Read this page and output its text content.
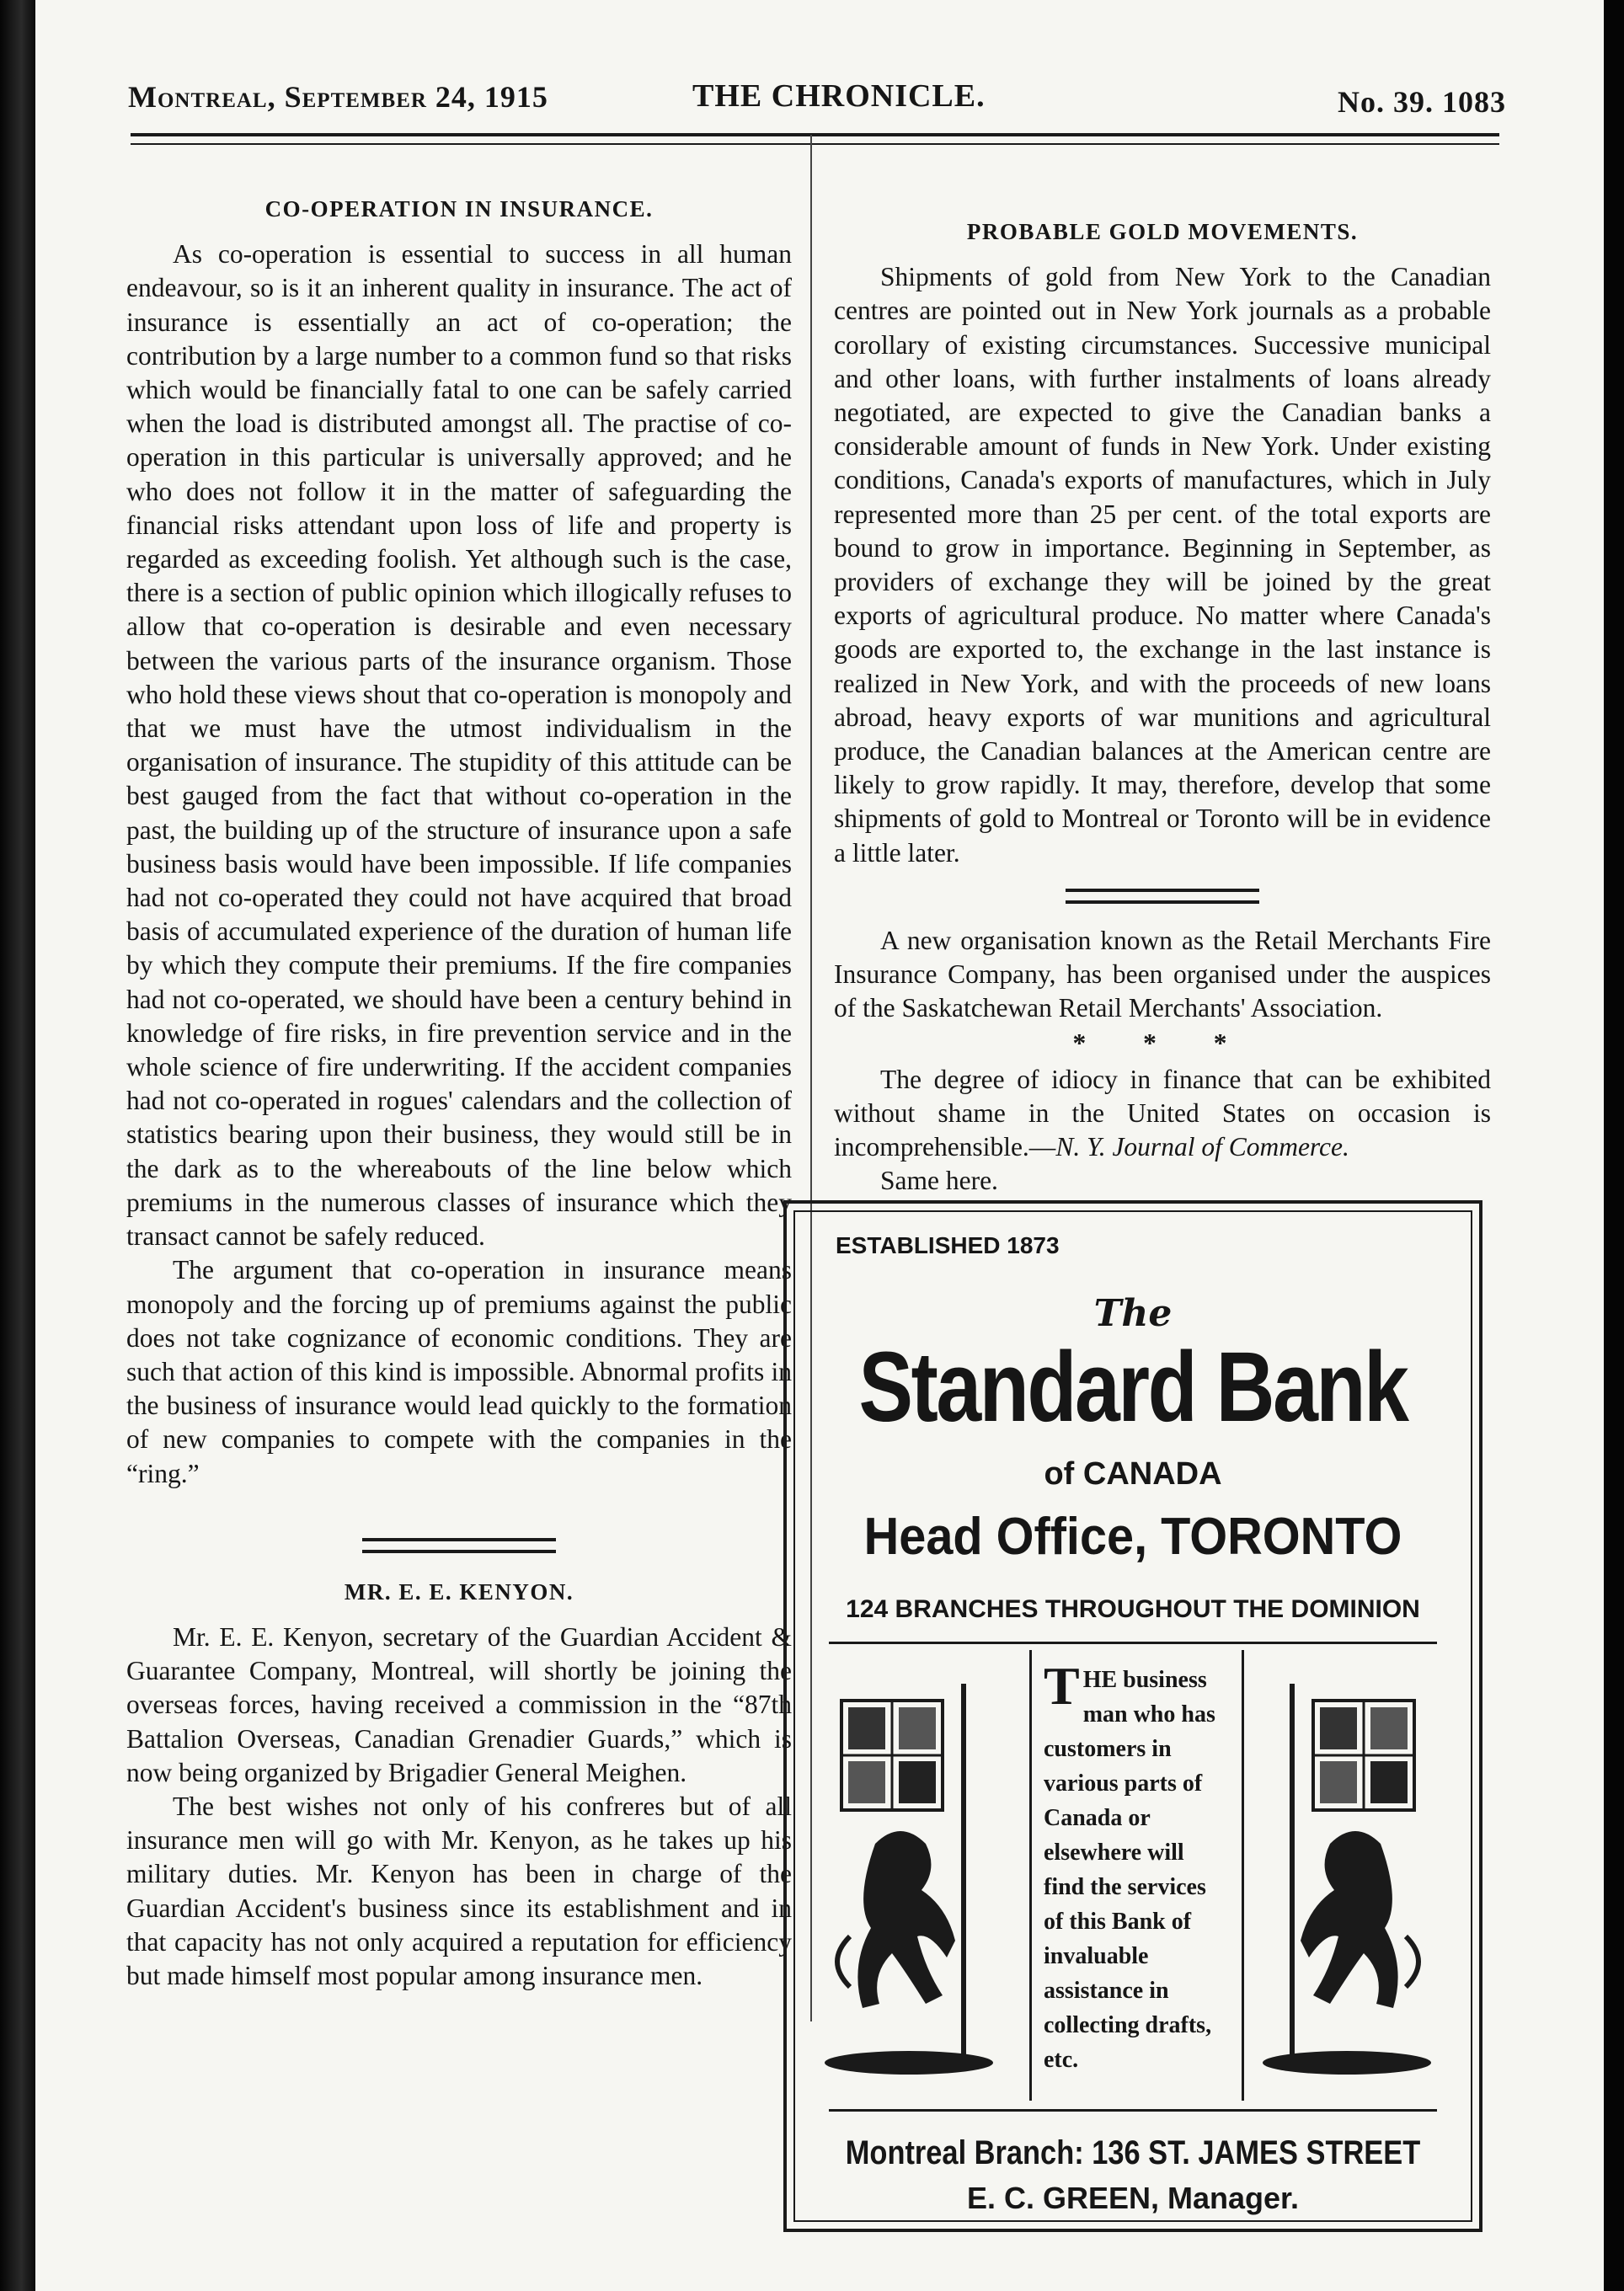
Montreal, September 24, 1915	THE CHRONICLE.	No. 39. 1083
CO-OPERATION IN INSURANCE.

As co-operation is essential to success in all human endeavour, so is it an inherent quality in insurance. The act of insurance is essentially an act of co-operation; the contribution by a large number to a common fund so that risks which would be financially fatal to one can be safely carried when the load is distributed amongst all. The practise of co-operation in this particular is universally approved; and he who does not follow it in the matter of safeguarding the financial risks attendant upon loss of life and property is regarded as exceeding foolish. Yet although such is the case, there is a section of public opinion which illogically refuses to allow that co-operation is desirable and even necessary between the various parts of the insurance organism. Those who hold these views shout that co-operation is monopoly and that we must have the utmost individualism in the organisation of insurance. The stupidity of this attitude can be best gauged from the fact that without co-operation in the past, the building up of the structure of insurance upon a safe business basis would have been impossible. If life companies had not co-operated they could not have acquired that broad basis of accumulated experience of the duration of human life by which they compute their premiums. If the fire companies had not co-operated, we should have been a century behind in knowledge of fire risks, in fire prevention service and in the whole science of fire underwriting. If the accident companies had not co-operated in rogues' calendars and the collection of statistics bearing upon their business, they would still be in the dark as to the whereabouts of the line below which premiums in the numerous classes of insurance which they transact cannot be safely reduced.

The argument that co-operation in insurance means monopoly and the forcing up of premiums against the public does not take cognizance of economic conditions. They are such that action of this kind is impossible. Abnormal profits in the business of insurance would lead quickly to the formation of new companies to compete with the companies in the “ring.”

MR. E. E. KENYON.

Mr. E. E. Kenyon, secretary of the Guardian Accident & Guarantee Company, Montreal, will shortly be joining the overseas forces, having received a commission in the “87th Battalion Overseas, Canadian Grenadier Guards,” which is now being organized by Brigadier General Meighen.

The best wishes not only of his confreres but of all insurance men will go with Mr. Kenyon, as he takes up his military duties. Mr. Kenyon has been in charge of the Guardian Accident's business since its establishment and in that capacity has not only acquired a reputation for efficiency but made himself most popular among insurance men.

PROBABLE GOLD MOVEMENTS.

Shipments of gold from New York to the Canadian centres are pointed out in New York journals as a probable corollary of existing circumstances. Successive municipal and other loans, with further instalments of loans already negotiated, are expected to give the Canadian banks a considerable amount of funds in New York. Under existing conditions, Canada's exports of manufactures, which in July represented more than 25 per cent. of the total exports are bound to grow in importance. Beginning in September, as providers of exchange they will be joined by the great exports of agricultural produce. No matter where Canada's goods are exported to, the exchange in the last instance is realized in New York, and with the proceeds of new loans abroad, heavy exports of war munitions and agricultural produce, the Canadian balances at the American centre are likely to grow rapidly. It may, therefore, develop that some shipments of gold to Montreal or Toronto will be in evidence a little later.

A new organisation known as the Retail Merchants Fire Insurance Company, has been organised under the auspices of the Saskatchewan Retail Merchants' Association.

* * *

The degree of idiocy in finance that can be exhibited without shame in the United States on occasion is incomprehensible.—N. Y. Journal of Commerce.

Same here.

ESTABLISHED 1873
The
Standard Bank
of CANADA
Head Office, TORONTO
124 BRANCHES THROUGHOUT THE DOMINION
THE business man who has customers in various parts of Canada or elsewhere will find the services of this Bank of invaluable assistance in collecting drafts, etc.
Montreal Branch: 136 ST. JAMES STREET
E. C. GREEN, Manager.
